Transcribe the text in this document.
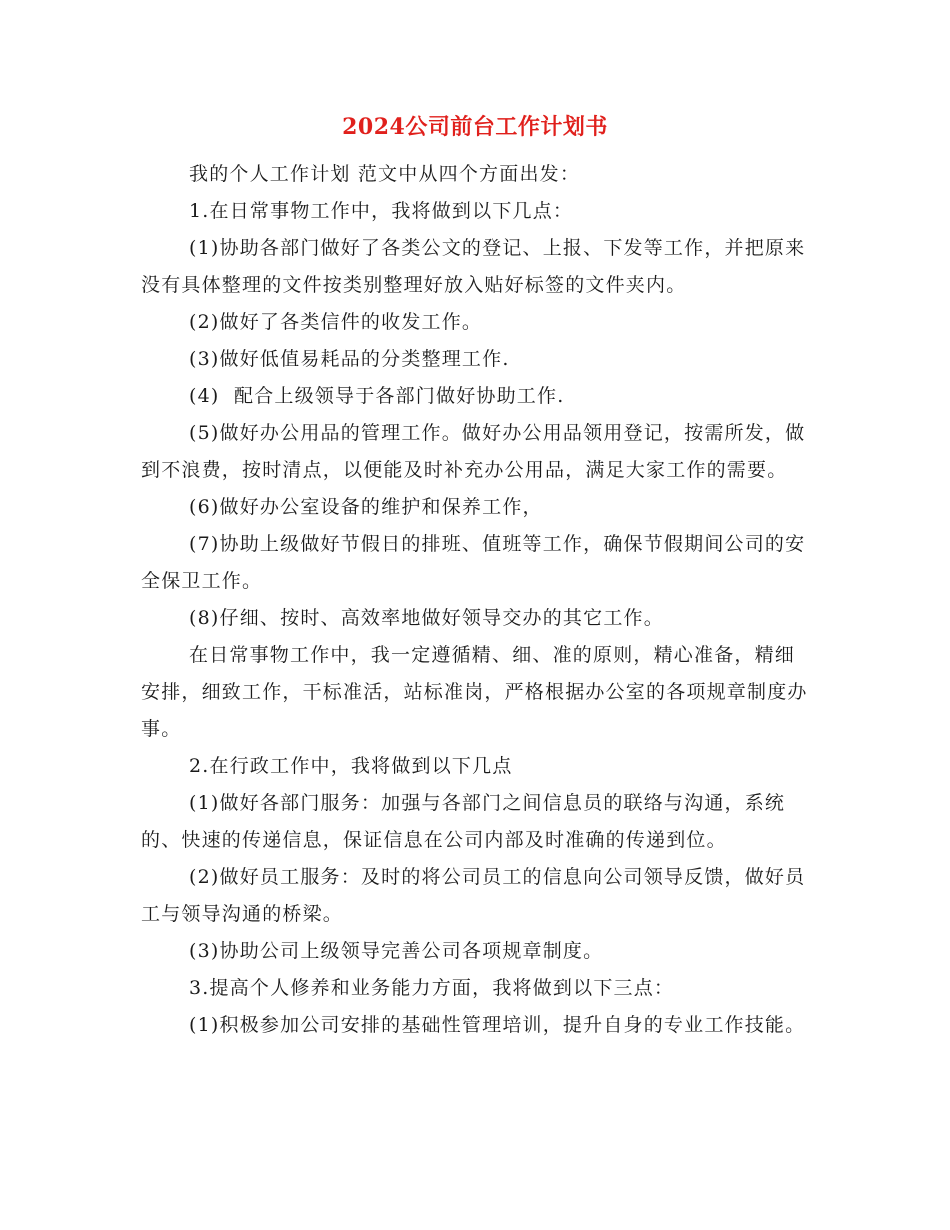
2024公司前台工作计划书

我的个人工作计划 范文中从四个方面出发：

1.在日常事物工作中，我将做到以下几点：

(1)协助各部门做好了各类公文的登记、上报、下发等工作，并把原来没有具体整理的文件按类别整理好放入贴好标签的文件夹内。

(2)做好了各类信件的收发工作。

(3)做好低值易耗品的分类整理工作.

(4)  配合上级领导于各部门做好协助工作.

(5)做好办公用品的管理工作。做好办公用品领用登记，按需所发，做到不浪费，按时清点，以便能及时补充办公用品，满足大家工作的需要。

(6)做好办公室设备的维护和保养工作，

(7)协助上级做好节假日的排班、值班等工作，确保节假期间公司的安全保卫工作。

(8)仔细、按时、高效率地做好领导交办的其它工作。

在日常事物工作中，我一定遵循精、细、准的原则，精心准备，精细安排，细致工作，干标准活，站标准岗，严格根据办公室的各项规章制度办事。

2.在行政工作中，我将做到以下几点

(1)做好各部门服务：加强与各部门之间信息员的联络与沟通，系统的、快速的传递信息，保证信息在公司内部及时准确的传递到位。

(2)做好员工服务：及时的将公司员工的信息向公司领导反馈，做好员工与领导沟通的桥梁。

(3)协助公司上级领导完善公司各项规章制度。

3.提高个人修养和业务能力方面，我将做到以下三点：

(1)积极参加公司安排的基础性管理培训，提升自身的专业工作技能。
